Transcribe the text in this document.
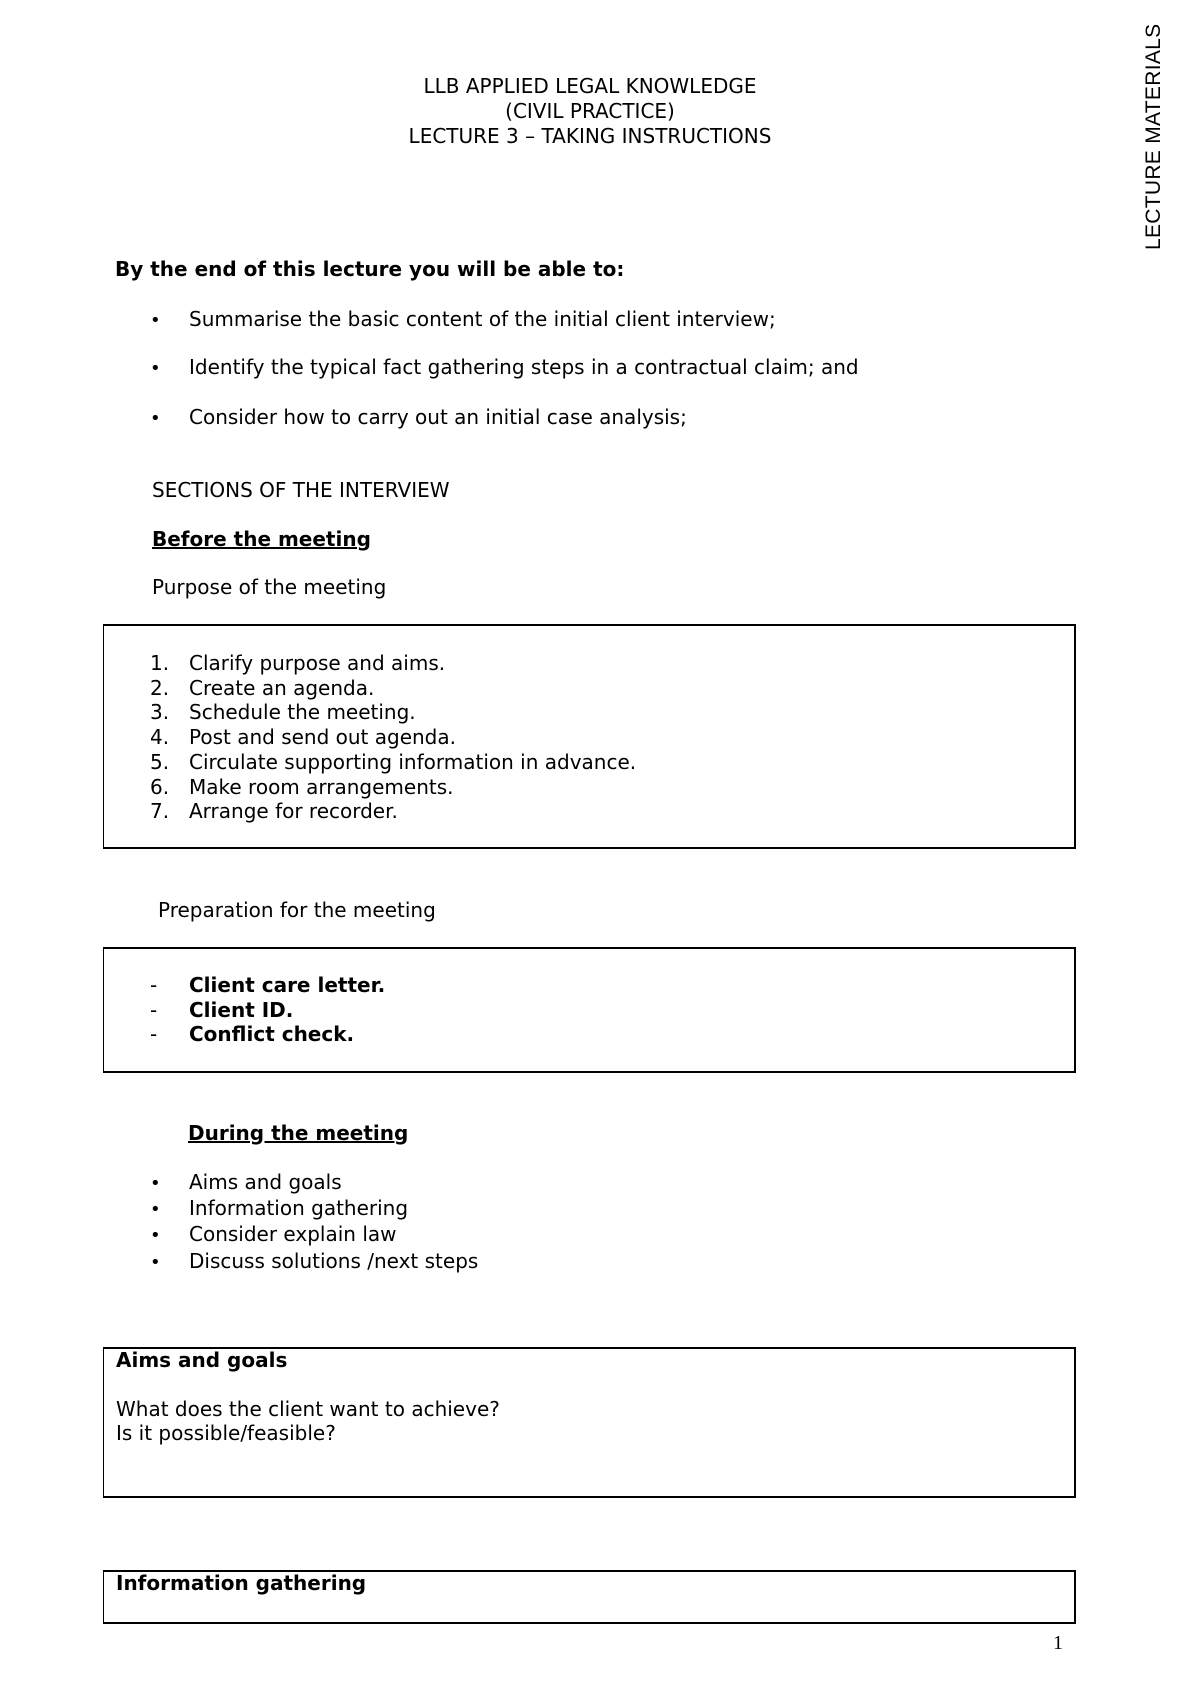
LECTURE MATERIALS
LLB APPLIED LEGAL KNOWLEDGE
(CIVIL PRACTICE)
LECTURE 3 – TAKING INSTRUCTIONS
By the end of this lecture you will be able to:
•	Summarise the basic content of the initial client interview;
•	Identify the typical fact gathering steps in a contractual claim; and
•	Consider how to carry out an initial case analysis;
SECTIONS OF THE INTERVIEW
Before the meeting
Purpose of the meeting
1. Clarify purpose and aims.
2. Create an agenda.
3. Schedule the meeting.
4. Post and send out agenda.
5. Circulate supporting information in advance.
6. Make room arrangements.
7. Arrange for recorder.
Preparation for the meeting
-	Client care letter.
-	Client ID.
-	Conflict check.
During the meeting
•	Aims and goals
•	Information gathering
•	Consider explain law
•	Discuss solutions /next steps
Aims and goals
What does the client want to achieve?
Is it possible/feasible?
Information gathering
1
